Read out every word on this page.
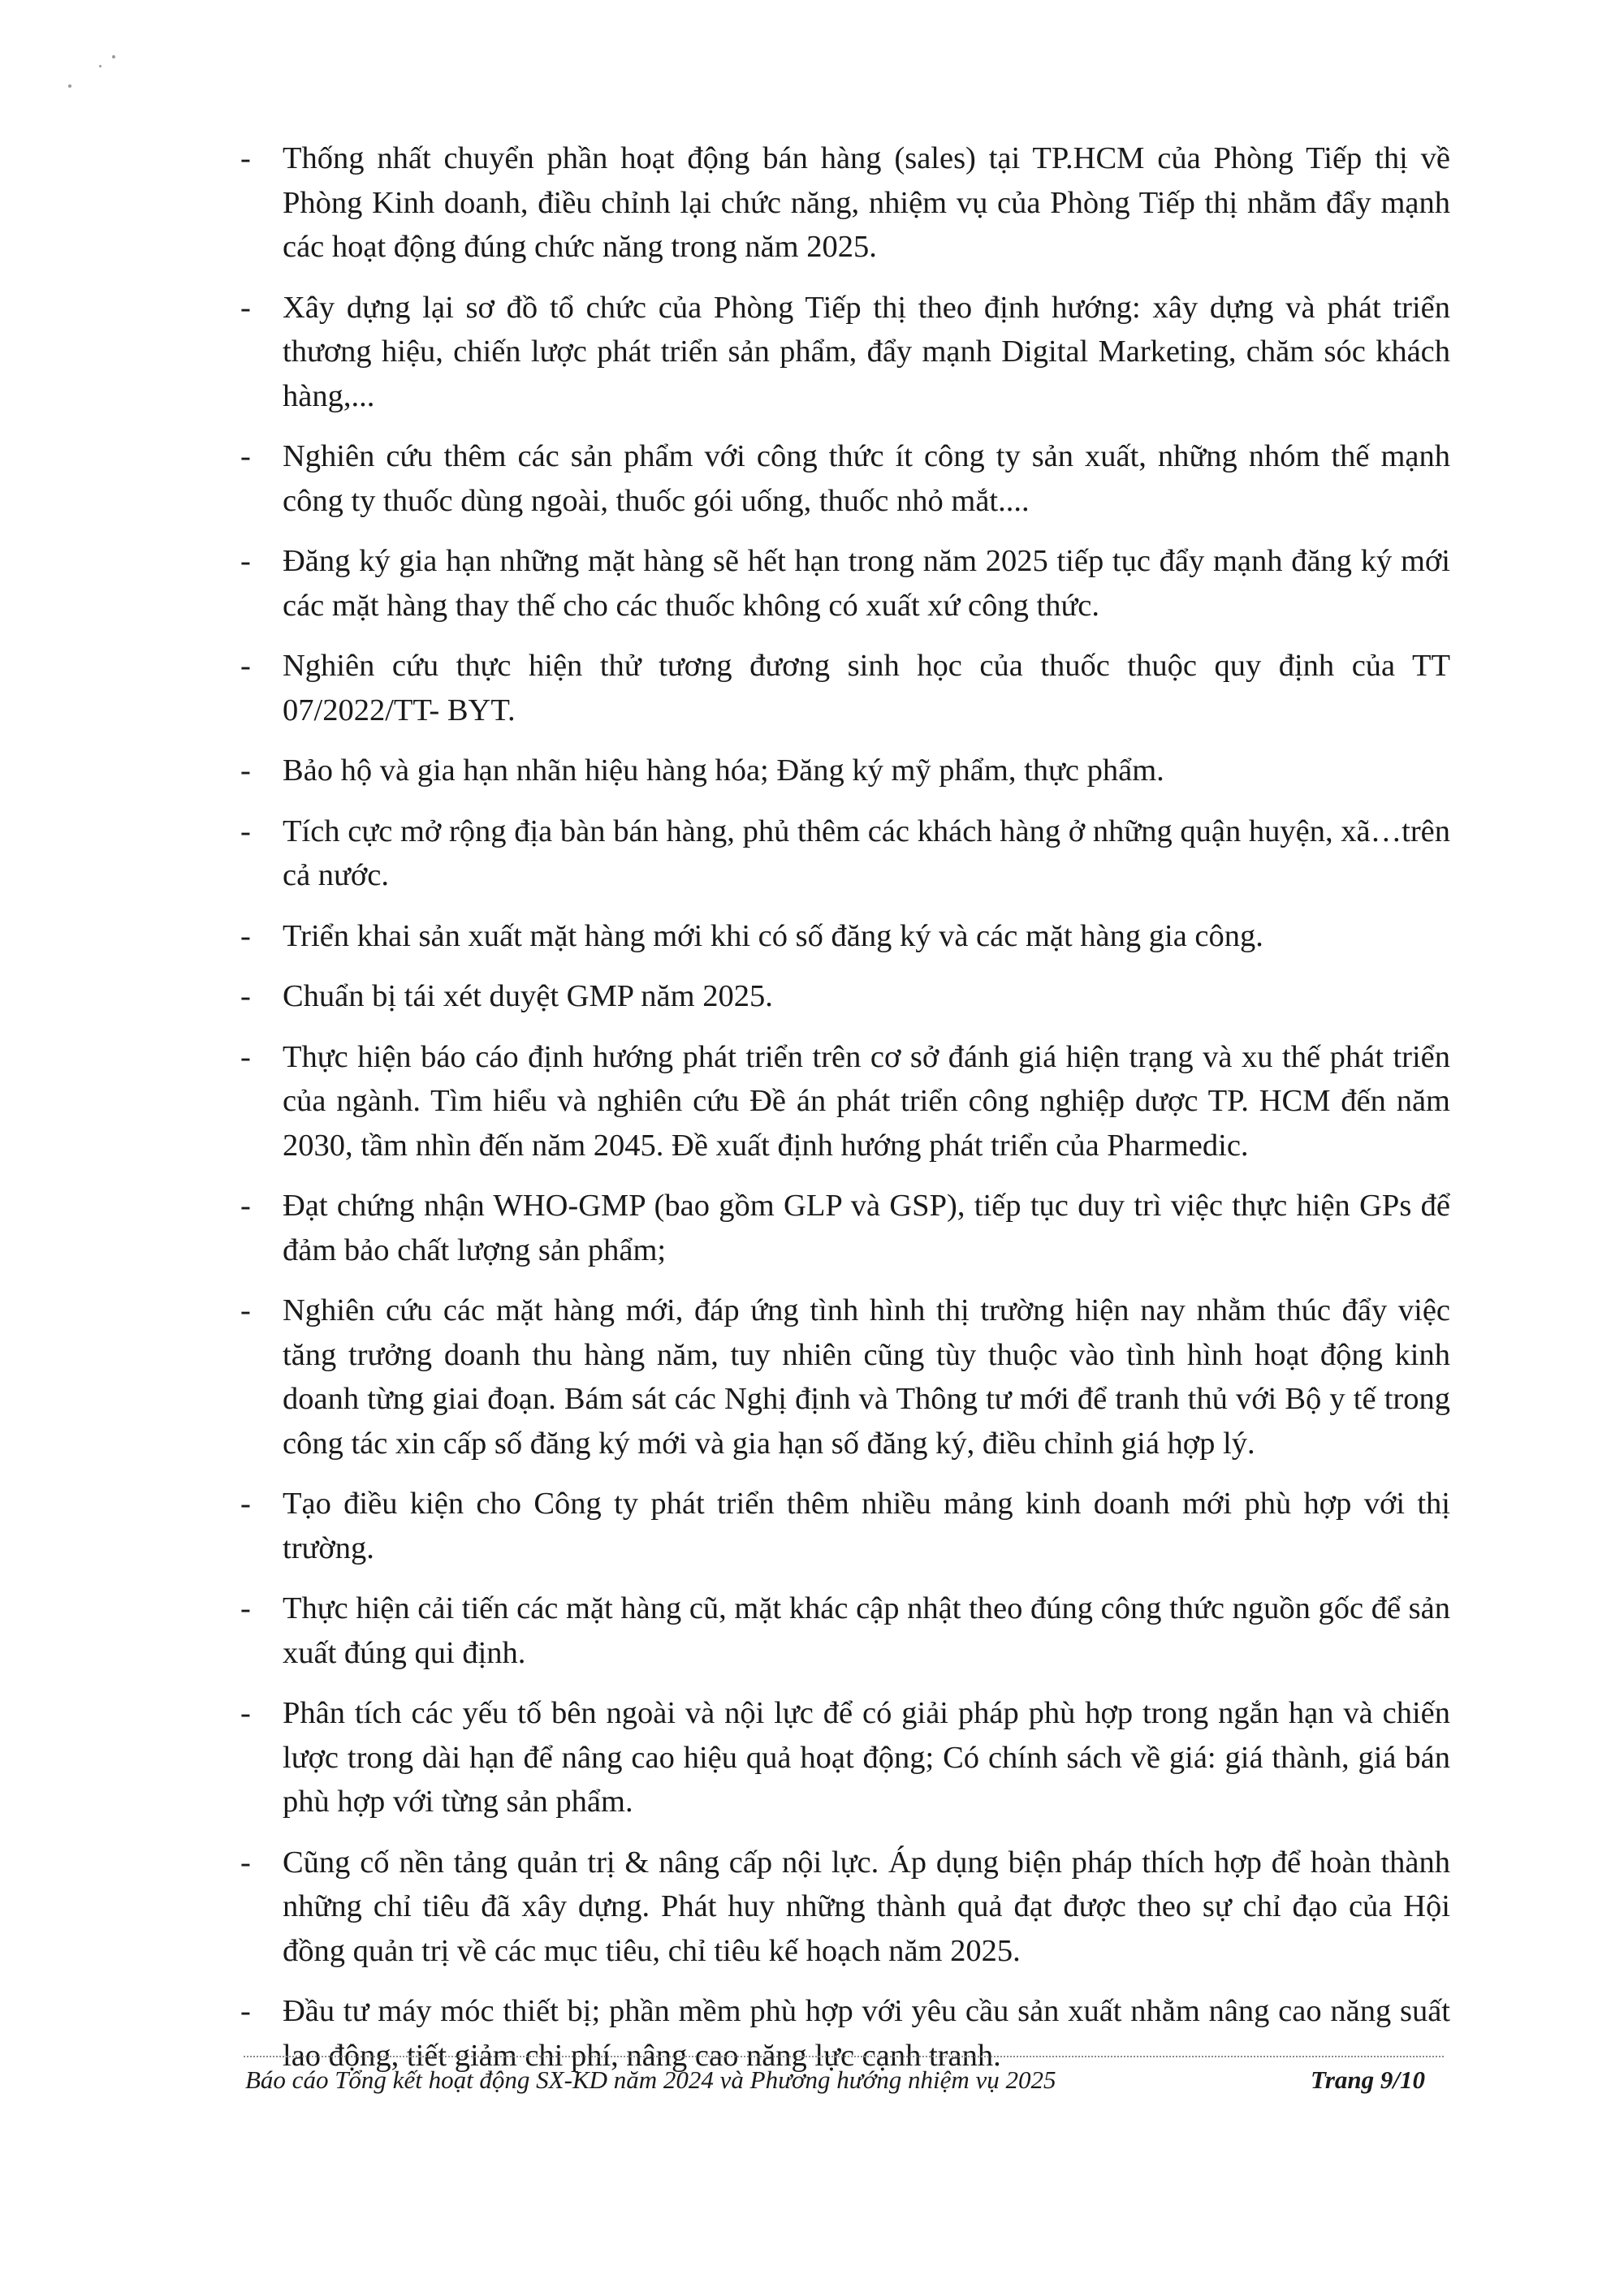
-	Thống nhất chuyển phần hoạt động bán hàng (sales) tại TP.HCM của Phòng Tiếp thị về Phòng Kinh doanh, điều chỉnh lại chức năng, nhiệm vụ của Phòng Tiếp thị nhằm đẩy mạnh các hoạt động đúng chức năng trong năm 2025.
-	Xây dựng lại sơ đồ tổ chức của Phòng Tiếp thị theo định hướng: xây dựng và phát triển thương hiệu, chiến lược phát triển sản phẩm, đẩy mạnh Digital Marketing, chăm sóc khách hàng,...
-	Nghiên cứu thêm các sản phẩm với công thức ít công ty sản xuất, những nhóm thế mạnh công ty thuốc dùng ngoài, thuốc gói uống, thuốc nhỏ mắt....
-	Đăng ký gia hạn những mặt hàng sẽ hết hạn trong năm 2025 tiếp tục đẩy mạnh đăng ký mới các mặt hàng thay thế cho các thuốc không có xuất xứ công thức.
-	Nghiên cứu thực hiện thử tương đương sinh học của thuốc thuộc quy định của TT 07/2022/TT- BYT.
-	Bảo hộ và gia hạn nhãn hiệu hàng hóa; Đăng ký mỹ phẩm, thực phẩm.
-	Tích cực mở rộng địa bàn bán hàng, phủ thêm các khách hàng ở những quận huyện, xã…trên cả nước.
-	Triển khai sản xuất mặt hàng mới khi có số đăng ký và các mặt hàng gia công.
-	Chuẩn bị tái xét duyệt GMP năm 2025.
-	Thực hiện báo cáo định hướng phát triển trên cơ sở đánh giá hiện trạng và xu thế phát triển của ngành. Tìm hiểu và nghiên cứu Đề án phát triển công nghiệp dược TP. HCM đến năm 2030, tầm nhìn đến năm 2045. Đề xuất định hướng phát triển của Pharmedic.
-	Đạt chứng nhận WHO-GMP (bao gồm GLP và GSP), tiếp tục duy trì việc thực hiện GPs để đảm bảo chất lượng sản phẩm;
-	Nghiên cứu các mặt hàng mới, đáp ứng tình hình thị trường hiện nay nhằm thúc đẩy việc tăng trưởng doanh thu hàng năm, tuy nhiên cũng tùy thuộc vào tình hình hoạt động kinh doanh từng giai đoạn. Bám sát các Nghị định và Thông tư mới để tranh thủ với Bộ y tế trong công tác xin cấp số đăng ký mới và gia hạn số đăng ký, điều chỉnh giá hợp lý.
-	Tạo điều kiện cho Công ty phát triển thêm nhiều mảng kinh doanh mới phù hợp với thị trường.
-	Thực hiện cải tiến các mặt hàng cũ, mặt khác cập nhật theo đúng công thức nguồn gốc để sản xuất đúng qui định.
-	Phân tích các yếu tố bên ngoài và nội lực để có giải pháp phù hợp trong ngắn hạn và chiến lược trong dài hạn để nâng cao hiệu quả hoạt động; Có chính sách về giá: giá thành, giá bán phù hợp với từng sản phẩm.
-	Cũng cố nền tảng quản trị & nâng cấp nội lực. Áp dụng biện pháp thích hợp để hoàn thành những chỉ tiêu đã xây dựng. Phát huy những thành quả đạt được theo sự chỉ đạo của Hội đồng quản trị về các mục tiêu, chỉ tiêu kế hoạch năm 2025.
-	Đầu tư máy móc thiết bị; phần mềm phù hợp với yêu cầu sản xuất nhằm nâng cao năng suất lao động, tiết giảm chi phí, nâng cao năng lực cạnh tranh.
Báo cáo Tổng kết hoạt động SX-KD năm 2024 và Phương hướng nhiệm vụ 2025	Trang 9/10
